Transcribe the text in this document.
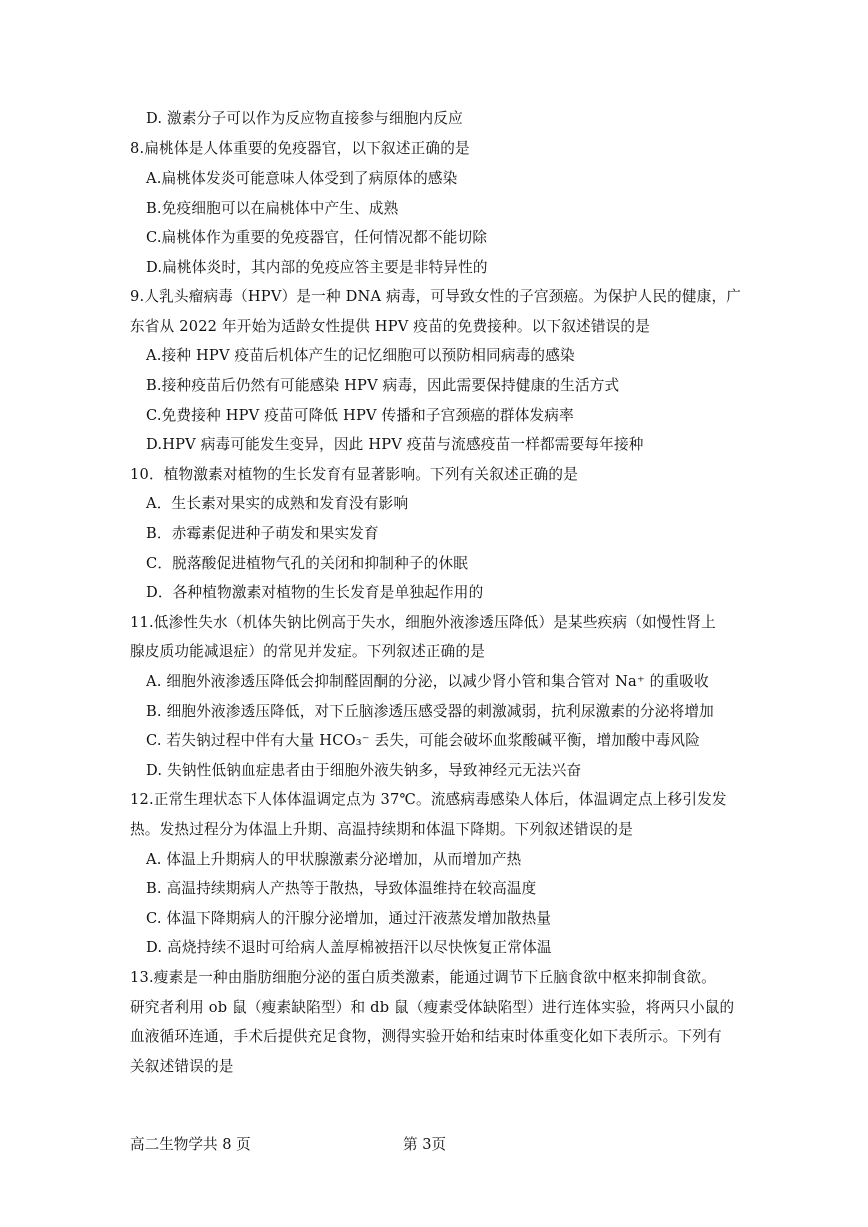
D. 激素分子可以作为反应物直接参与细胞内反应
8.扁桃体是人体重要的免疫器官，以下叙述正确的是
A.扁桃体发炎可能意味人体受到了病原体的感染
B.免疫细胞可以在扁桃体中产生、成熟
C.扁桃体作为重要的免疫器官，任何情况都不能切除
D.扁桃体炎时，其内部的免疫应答主要是非特异性的
9.人乳头瘤病毒（HPV）是一种 DNA 病毒，可导致女性的子宫颈癌。为保护人民的健康，广
东省从 2022 年开始为适龄女性提供 HPV 疫苗的免费接种。以下叙述错误的是
A.接种 HPV 疫苗后机体产生的记忆细胞可以预防相同病毒的感染
B.接种疫苗后仍然有可能感染 HPV 病毒，因此需要保持健康的生活方式
C.免费接种 HPV 疫苗可降低 HPV 传播和子宫颈癌的群体发病率
D.HPV 病毒可能发生变异，因此 HPV 疫苗与流感疫苗一样都需要每年接种
10．植物激素对植物的生长发育有显著影响。下列有关叙述正确的是
A．生长素对果实的成熟和发育没有影响
B．赤霉素促进种子萌发和果实发育
C．脱落酸促进植物气孔的关闭和抑制种子的休眠
D．各种植物激素对植物的生长发育是单独起作用的
11.低渗性失水（机体失钠比例高于失水，细胞外液渗透压降低）是某些疾病（如慢性肾上
腺皮质功能减退症）的常见并发症。下列叙述正确的是
A. 细胞外液渗透压降低会抑制醛固酮的分泌，以减少肾小管和集合管对 Na⁺ 的重吸收
B. 细胞外液渗透压降低，对下丘脑渗透压感受器的刺激减弱，抗利尿激素的分泌将增加
C. 若失钠过程中伴有大量 HCO₃⁻ 丢失，可能会破坏血浆酸碱平衡，增加酸中毒风险
D. 失钠性低钠血症患者由于细胞外液失钠多，导致神经元无法兴奋
12.正常生理状态下人体体温调定点为 37℃。流感病毒感染人体后，体温调定点上移引发发
热。发热过程分为体温上升期、高温持续期和体温下降期。下列叙述错误的是
A. 体温上升期病人的甲状腺激素分泌增加，从而增加产热
B. 高温持续期病人产热等于散热，导致体温维持在较高温度
C. 体温下降期病人的汗腺分泌增加，通过汗液蒸发增加散热量
D. 高烧持续不退时可给病人盖厚棉被捂汗以尽快恢复正常体温
13.瘦素是一种由脂肪细胞分泌的蛋白质类激素，能通过调节下丘脑食欲中枢来抑制食欲。
研究者利用 ob 鼠（瘦素缺陷型）和 db 鼠（瘦素受体缺陷型）进行连体实验，将两只小鼠的
血液循环连通，手术后提供充足食物，测得实验开始和结束时体重变化如下表所示。下列有
关叙述错误的是
高二生物学共 8 页	第 3页
